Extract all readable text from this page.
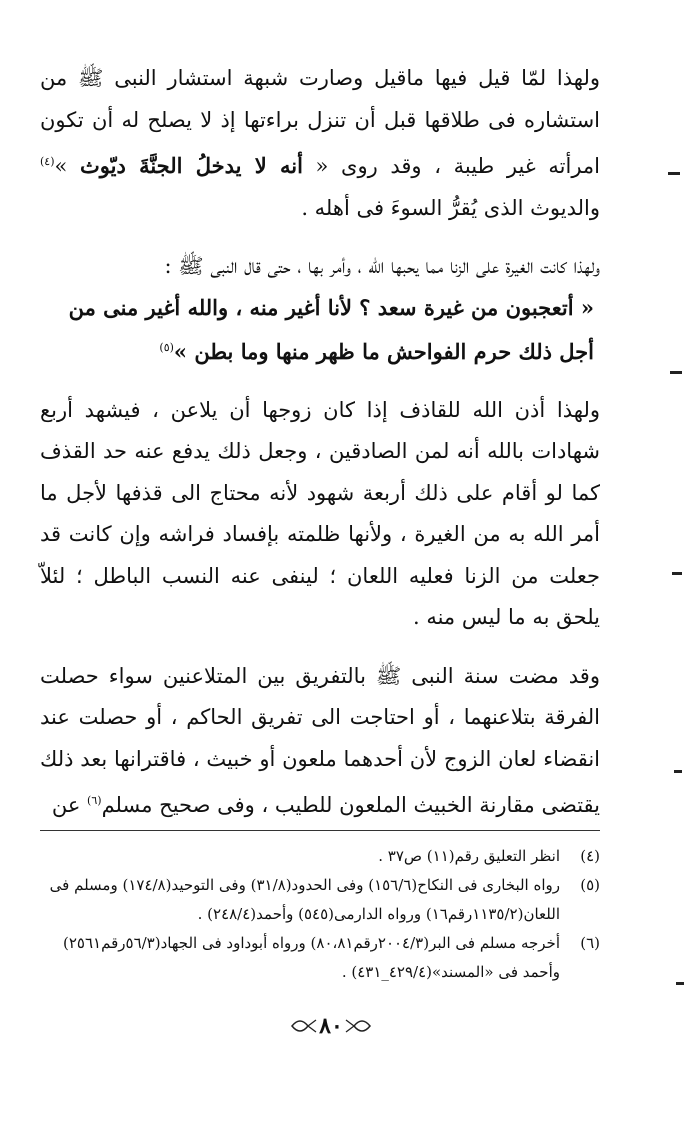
ولهذا لمّا قيل فيها ماقيل وصارت شبهة استشار النبى ﷺ من استشاره فى طلاقها قبل أن تنزل براءتها إذ لا يصلح له أن تكون امرأته غير طيبة ، وقد روى « أنه لا يدخلُ الجنَّةَ ديّوث »$^{(٤)}$ والديوث الذى يُقرُّ السوءَ فى أهله .

ولهذا كانت الغيرة على الزنا مما يحبها الله ، وأمر بها ، حتى قال النبى ﷺ :

« أتعجبون من غيرة سعد ؟ لأنا أغير منه ، والله أغير منى من أجل ذلك حرم الفواحش ما ظهر منها وما بطن »$^{(٥)}$

ولهذا أذن الله للقاذف إذا كان زوجها أن يلاعن ، فيشهد أربع شهادات بالله أنه لمن الصادقين ، وجعل ذلك يدفع عنه حد القذف كما لو أقام على ذلك أربعة شهود لأنه محتاج الى قذفها لأجل ما أمر الله به من الغيرة ، ولأنها ظلمته بإفساد فراشه وإن كانت قد جعلت من الزنا فعليه اللعان ؛ لينفى عنه النسب الباطل ؛ لئلاّ يلحق به ما ليس منه .

وقد مضت سنة النبى ﷺ بالتفريق بين المتلاعنين سواء حصلت الفرقة بتلاعنهما ، أو احتاجت الى تفريق الحاكم ، أو حصلت عند انقضاء لعان الزوج لأن أحدهما ملعون أو خبيث ، فاقترانها بعد ذلك يقتضى مقارنة الخبيث الملعون للطيب ، وفى صحيح مسلم$^{(٦)}$ عن

(٤)
انظر التعليق رقم(١١) ص٣٧ .
(٥)
رواه البخارى فى النكاح(١٥٦/٦) وفى الحدود(٣١/٨) وفى التوحيد(١٧٤/٨) ومسلم فى اللعان(١١٣٥/٢رقم١٦) ورواه الدارمى(٥٤٥) وأحمد(٢٤٨/٤) .
(٦)
أخرجه مسلم فى البر(٢٠٠٤/٣رقم٨٠،٨١) ورواه أبوداود فى الجهاد(٥٦/٣رقم٢٥٦١) وأحمد فى «المسند»(٤٢٩/٤_٤٣١) .
٨٠
